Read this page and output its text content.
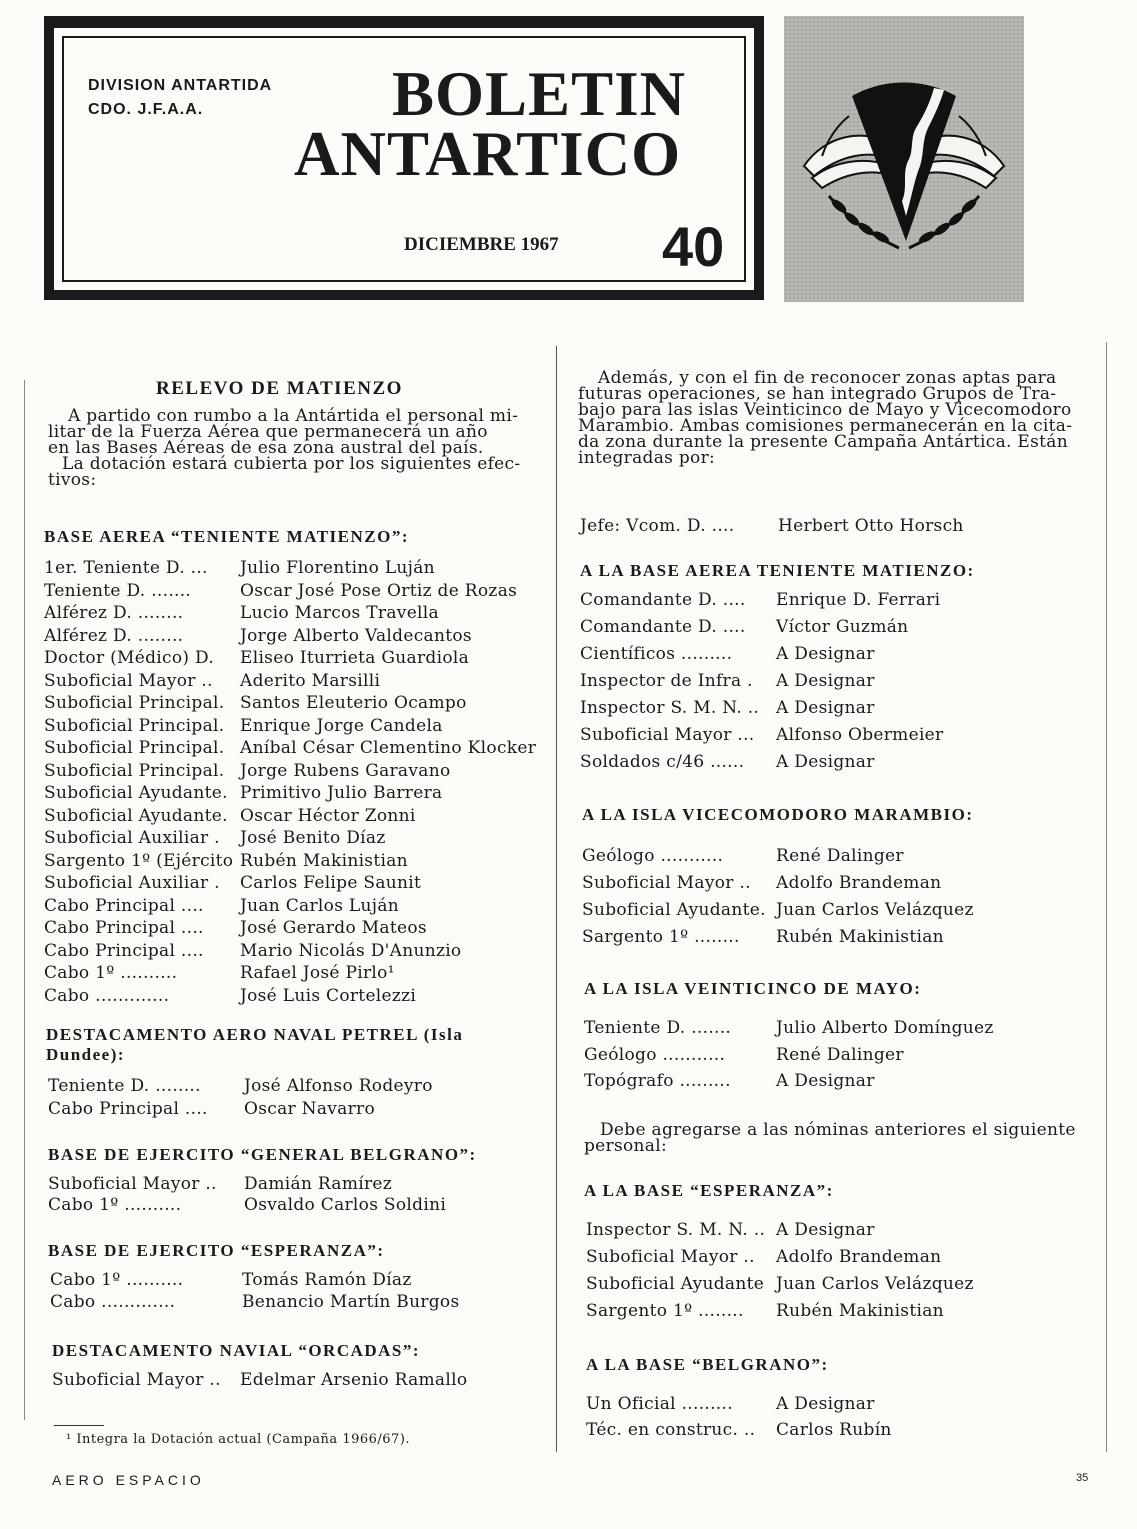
DIVISION ANTARTIDA
CDO. J.F.A.A.	BOLETIN
ANTARTICO
DICIEMBRE 1967 40
RELEVO DE MATIENZO
A partido con rumbo a la Antártida el personal mi-
litar de la Fuerza Aérea que permanecerá un año
en las Bases Aéreas de esa zona austral del país.
La dotación estará cubierta por los siguientes efec-
tivos:
BASE AEREA “TENIENTE MATIENZO”:
1er. Teniente D. ... Julio Florentino Luján
Teniente D. .......	Oscar José Pose Ortiz de Rozas
Alférez D. ........	Lucio Marcos Travella
Alférez D. ........	Jorge Alberto Valdecantos
Doctor (Médico) D. Eliseo Iturrieta Guardiola
Suboficial Mayor .. Aderito Marsilli
Suboficial Principal. Santos Eleuterio Ocampo
Suboficial Principal. Enrique Jorge Candela
Suboficial Principal. Aníbal César Clementino Klocker
Suboficial Principal. Jorge Rubens Garavano
Suboficial Ayudante. Primitivo Julio Barrera
Suboficial Ayudante. Oscar Héctor Zonni
Suboficial Auxiliar . José Benito Díaz
Sargento 1º (Ejército Rubén Makinistian
Suboficial Auxiliar . Carlos Felipe Saunit
Cabo Principal .... Juan Carlos Luján
Cabo Principal .... José Gerardo Mateos
Cabo Principal .... Mario Nicolás D'Anunzio
Cabo 1º ..........	Rafael José Pirlo¹
Cabo .............	José Luis Cortelezzi
DESTACAMENTO AERO NAVAL PETREL (Isla
Dundee):
Teniente D. ........	José Alfonso Rodeyro
Cabo Principal .... Oscar Navarro
BASE DE EJERCITO “GENERAL BELGRANO”:
Suboficial Mayor .. Damián Ramírez
Cabo 1º ..........	Osvaldo Carlos Soldini
BASE DE EJERCITO “ESPERANZA”:
Cabo 1º ..........	Tomás Ramón Díaz
Cabo .............	Benancio Martín Burgos
DESTACAMENTO NAVIAL “ORCADAS”:
Suboficial Mayor .. Edelmar Arsenio Ramallo
¹ Integra la Dotación actual (Campaña 1966/67).
Además, y con el fin de reconocer zonas aptas para
futuras operaciones, se han integrado Grupos de Tra-
bajo para las islas Veinticinco de Mayo y Vicecomodoro
Marambio. Ambas comisiones permanecerán en la cita-
da zona durante la presente Campaña Antártica. Están
integradas por:
Jefe: Vcom. D. ....	Herbert Otto Horsch
A LA BASE AEREA TENIENTE MATIENZO:
Comandante D. .... Enrique D. Ferrari
Comandante D. .... Víctor Guzmán
Científicos .........	A Designar
Inspector de Infra . A Designar
Inspector S. M. N. .. A Designar
Suboficial Mayor ... Alfonso Obermeier
Soldados c/46 ...... A Designar
A LA ISLA VICECOMODORO MARAMBIO:
Geólogo ...........	René Dalinger
Suboficial Mayor .. Adolfo Brandeman
Suboficial Ayudante. Juan Carlos Velázquez
Sargento 1º ........ Rubén Makinistian
A LA ISLA VEINTICINCO DE MAYO:
Teniente D. .......	Julio Alberto Domínguez
Geólogo ...........	René Dalinger
Topógrafo .........	A Designar
Debe agregarse a las nóminas anteriores el siguiente
personal:
A LA BASE “ESPERANZA”:
Inspector S. M. N. .. A Designar
Suboficial Mayor .. Adolfo Brandeman
Suboficial Ayudante Juan Carlos Velázquez
Sargento 1º ........ Rubén Makinistian
A LA BASE “BELGRANO”:
Un Oficial .........	A Designar
Téc. en construc. .. Carlos Rubín
AERO ESPACIO	35
